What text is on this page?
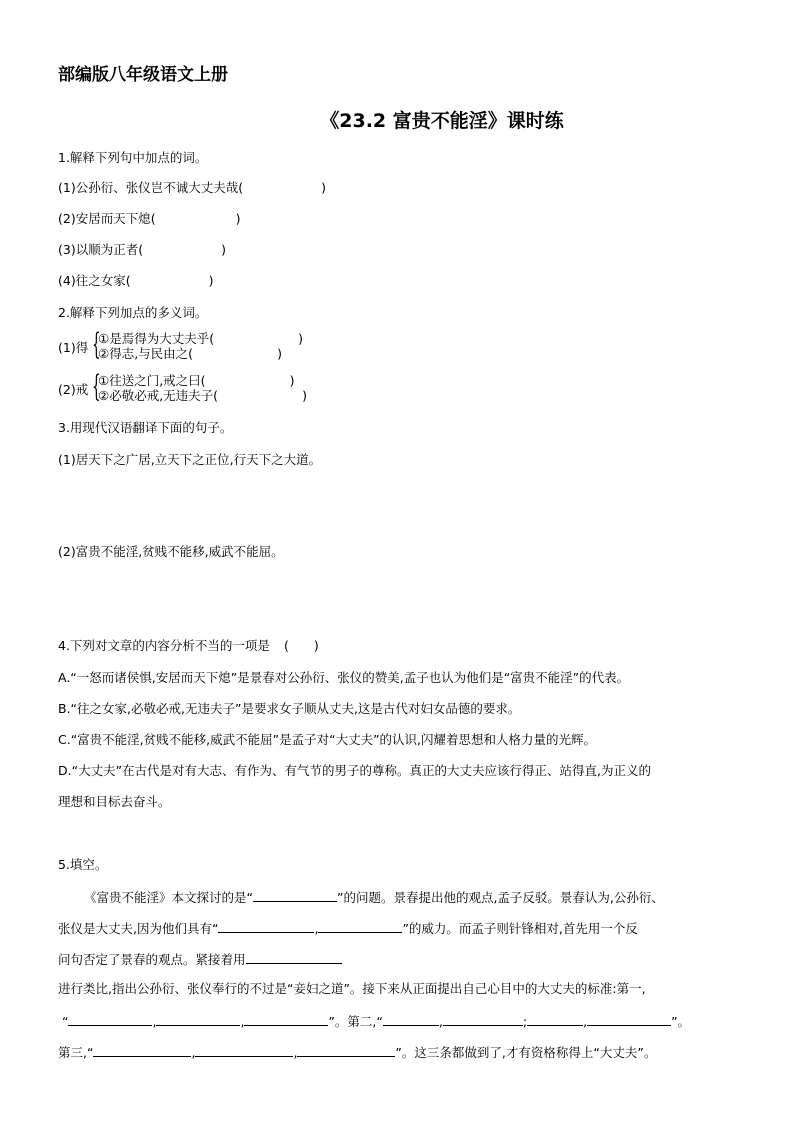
部编版八年级语文上册
《23.2 富贵不能淫》课时练
1.解释下列句中加点的词。
(1)公孙衍、张仪岂不诚大丈夫哉(	)
(2)安居而天下熄(	)
(3)以顺为正者(	)
(4)往之女家(	)
2.解释下列加点的多义词。
(1)得 {
①是焉得为大丈夫乎(	)
②得志,与民由之(	)
(2)戒 {
①往送之门,戒之曰(	)
②必敬必戒,无违夫子(	)
3.用现代汉语翻译下面的句子。
(1)居天下之广居,立天下之正位,行天下之大道。
(2)富贵不能淫,贫贱不能移,威武不能屈。
4.下列对文章的内容分析不当的一项是 (　　)
A.“一怒而诸侯惧,安居而天下熄”是景春对公孙衍、张仪的赞美,孟子也认为他们是“富贵不能淫”的代表。
B.“往之女家,必敬必戒,无违夫子”是要求女子顺从丈夫,这是古代对妇女品德的要求。
C.“富贵不能淫,贫贱不能移,威武不能屈”是孟子对“大丈夫”的认识,闪耀着思想和人格力量的光辉。
D.“大丈夫”在古代是对有大志、有作为、有气节的男子的尊称。真正的大丈夫应该行得正、站得直,为正义的
理想和目标去奋斗。
5.填空。
《富贵不能淫》本文探讨的是“	”的问题。景春提出他的观点,孟子反驳。景春认为,公孙衍、
张仪是大丈夫,因为他们具有“	,	”的威力。而孟子则针锋相对,首先用一个反
问句否定了景春的观点。紧接着用
进行类比,指出公孙衍、张仪奉行的不过是“妾妇之道”。接下来从正面提出自己心目中的大丈夫的标准:第一,
“	,	,	”。第二,“	,	;	,	”。
第三,“	,	,	”。这三条都做到了,才有资格称得上“大丈夫”。
